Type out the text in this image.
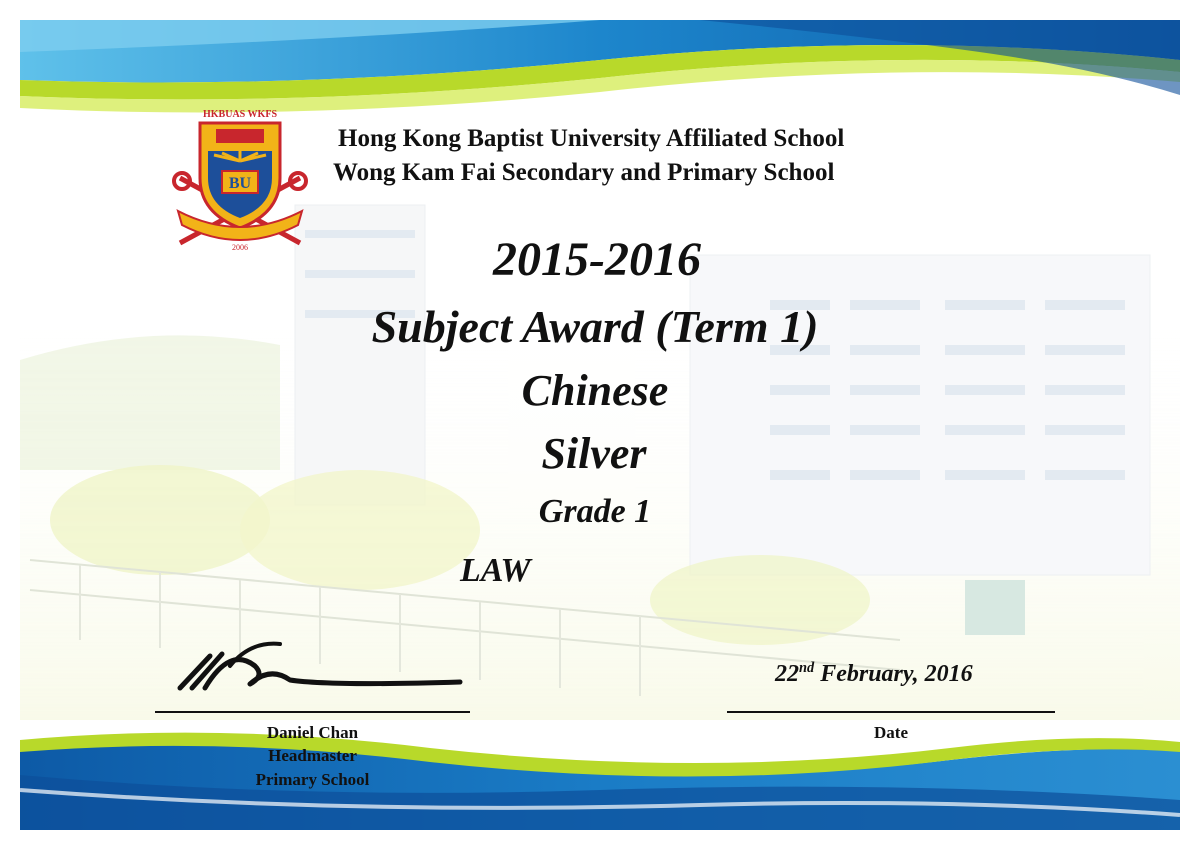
HKBUAS WKFS
BU
2006
Hong Kong Baptist University Affiliated School
Wong Kam Fai Secondary and Primary School
2015-2016
Subject Award (Term 1)
Chinese
Silver
Grade 1
LAW
Daniel Chan
Headmaster
Primary School
22nd February, 2016
Date
